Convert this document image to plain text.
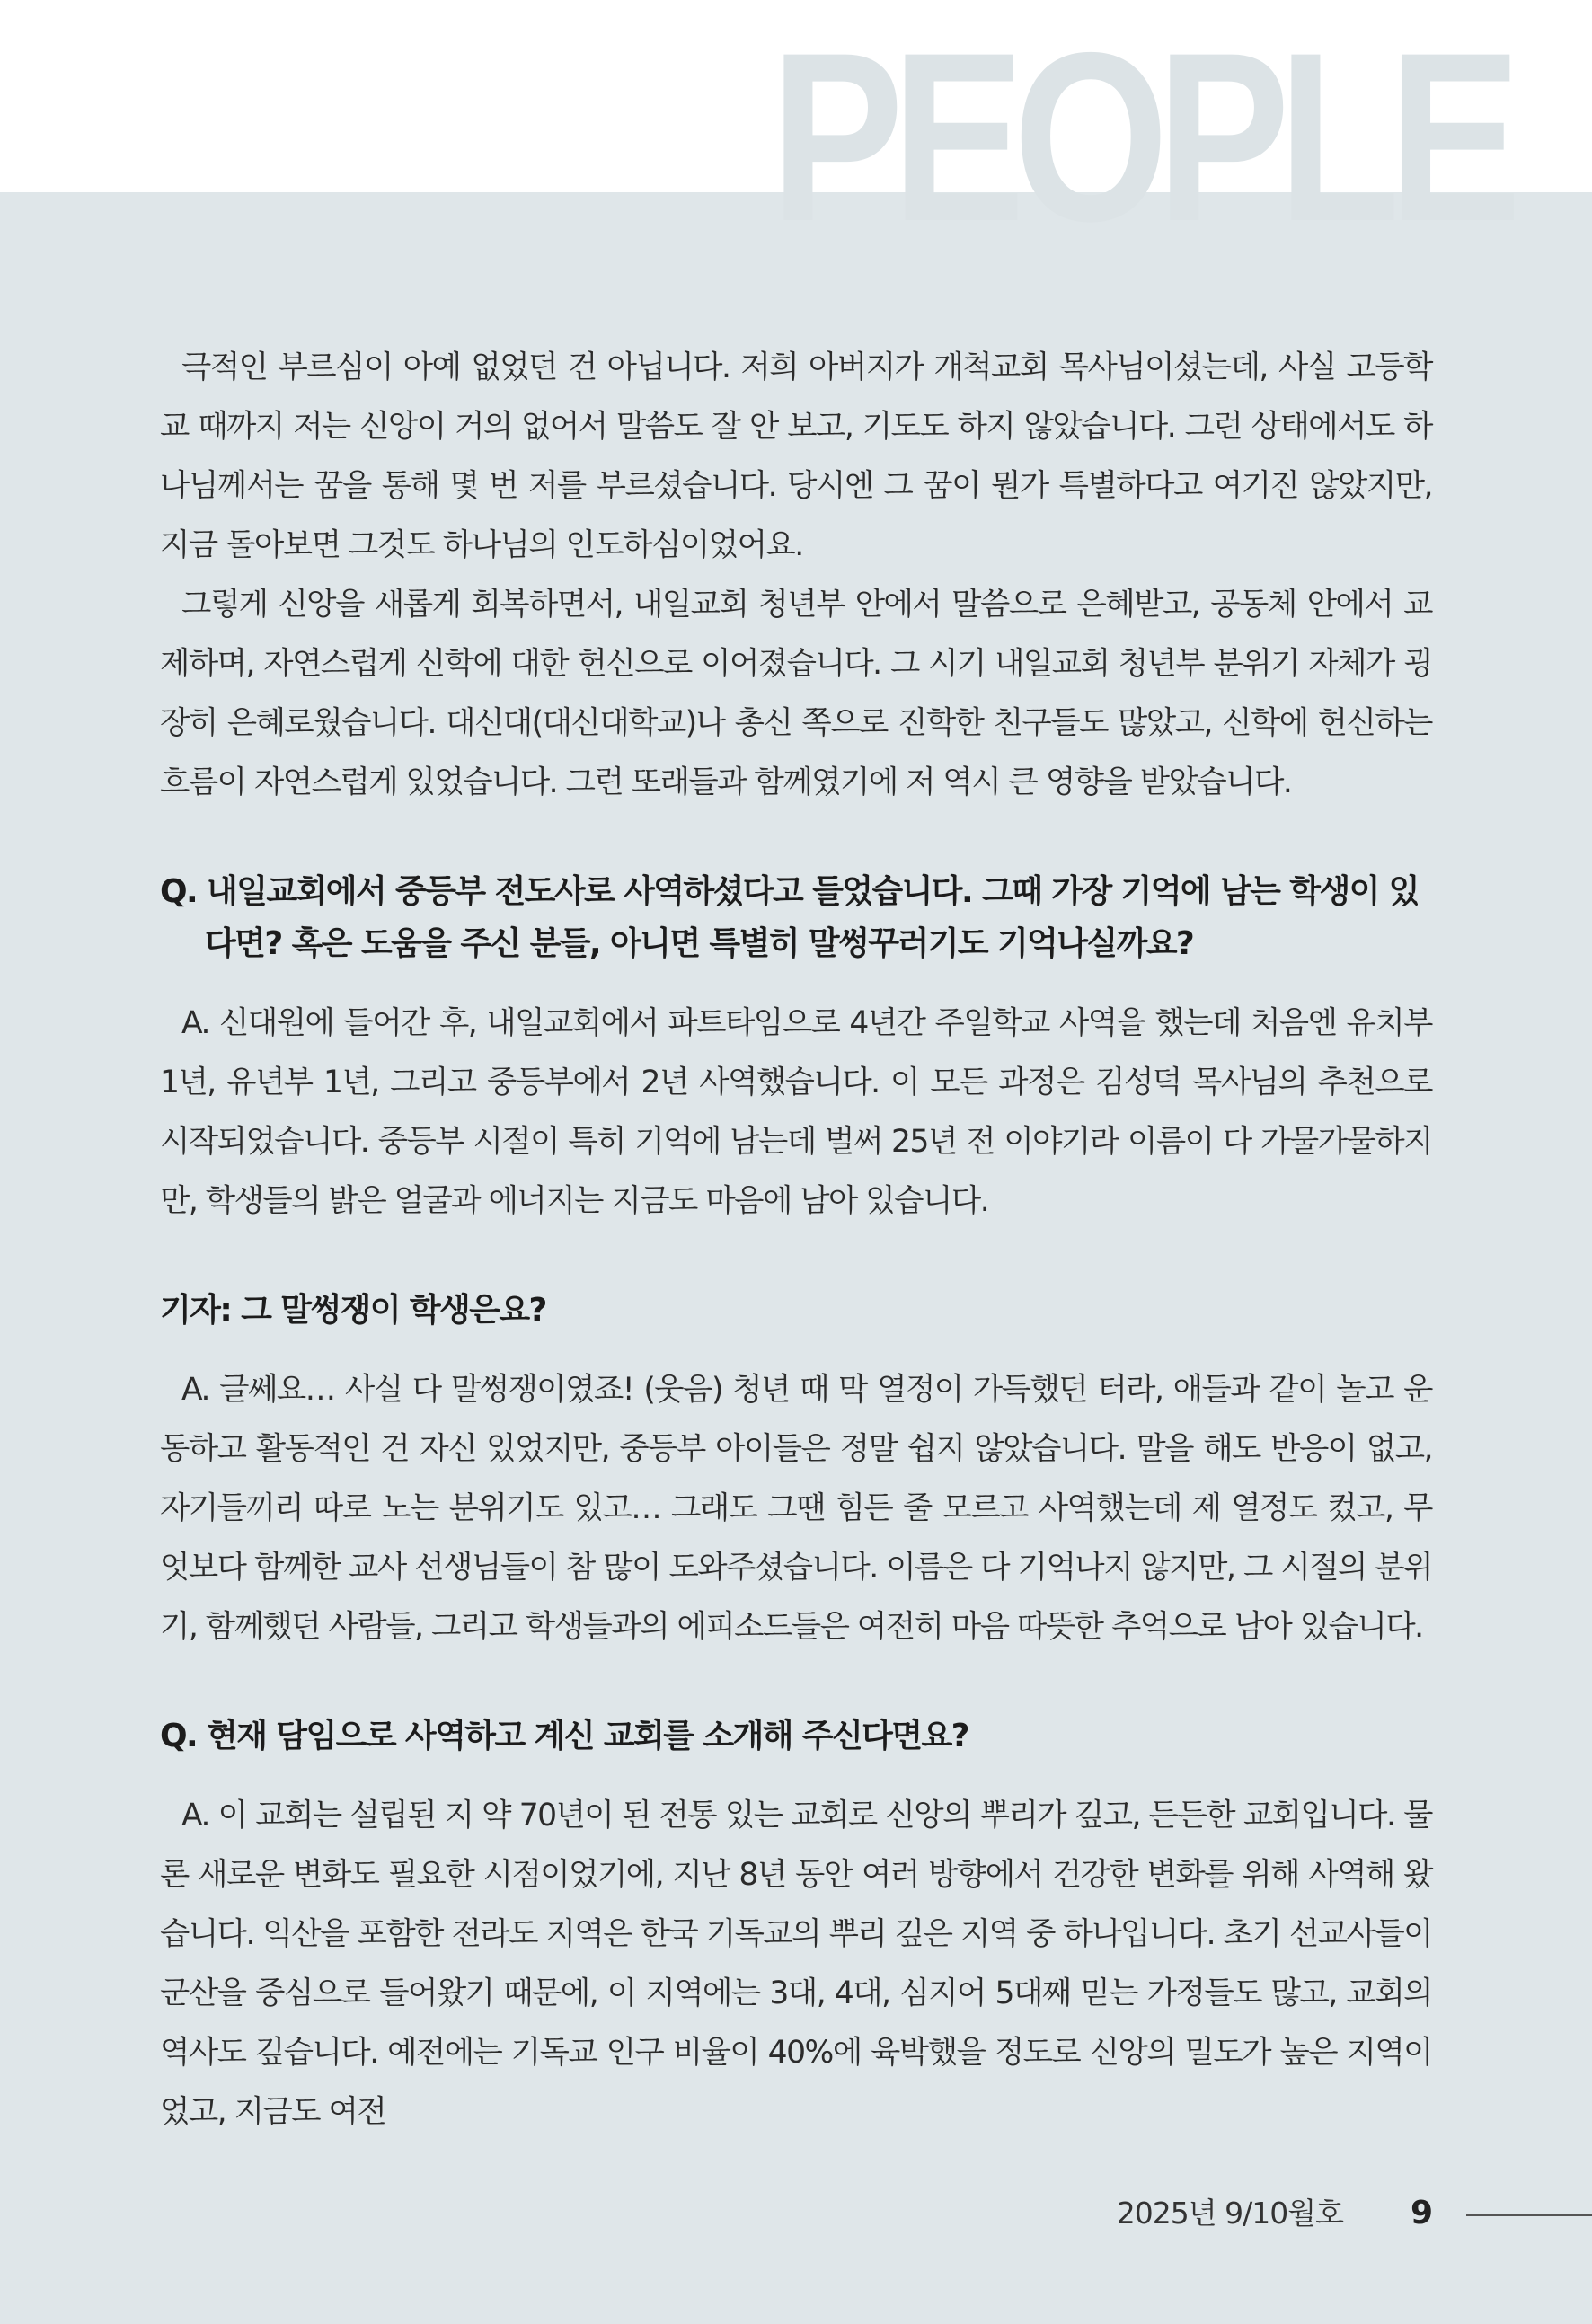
PEOPLE

극적인 부르심이 아예 없었던 건 아닙니다. 저희 아버지가 개척교회 목사님이셨는데, 사실 고등학교 때까지 저는 신앙이 거의 없어서 말씀도 잘 안 보고, 기도도 하지 않았습니다. 그런 상태에서도 하나님께서는 꿈을 통해 몇 번 저를 부르셨습니다. 당시엔 그 꿈이 뭔가 특별하다고 여기진 않았지만, 지금 돌아보면 그것도 하나님의 인도하심이었어요.

그렇게 신앙을 새롭게 회복하면서, 내일교회 청년부 안에서 말씀으로 은혜받고, 공동체 안에서 교제하며, 자연스럽게 신학에 대한 헌신으로 이어졌습니다. 그 시기 내일교회 청년부 분위기 자체가 굉장히 은혜로웠습니다. 대신대(대신대학교)나 총신 쪽으로 진학한 친구들도 많았고, 신학에 헌신하는 흐름이 자연스럽게 있었습니다. 그런 또래들과 함께였기에 저 역시 큰 영향을 받았습니다.

Q. 내일교회에서 중등부 전도사로 사역하셨다고 들었습니다. 그때 가장 기억에 남는 학생이 있다면? 혹은 도움을 주신 분들, 아니면 특별히 말썽꾸러기도 기억나실까요?

A. 신대원에 들어간 후, 내일교회에서 파트타임으로 4년간 주일학교 사역을 했는데 처음엔 유치부 1년, 유년부 1년, 그리고 중등부에서 2년 사역했습니다. 이 모든 과정은 김성덕 목사님의 추천으로 시작되었습니다. 중등부 시절이 특히 기억에 남는데 벌써 25년 전 이야기라 이름이 다 가물가물하지만, 학생들의 밝은 얼굴과 에너지는 지금도 마음에 남아 있습니다.

기자: 그 말썽쟁이 학생은요?

A. 글쎄요… 사실 다 말썽쟁이였죠! (웃음) 청년 때 막 열정이 가득했던 터라, 애들과 같이 놀고 운동하고 활동적인 건 자신 있었지만, 중등부 아이들은 정말 쉽지 않았습니다. 말을 해도 반응이 없고, 자기들끼리 따로 노는 분위기도 있고… 그래도 그땐 힘든 줄 모르고 사역했는데 제 열정도 컸고, 무엇보다 함께한 교사 선생님들이 참 많이 도와주셨습니다. 이름은 다 기억나지 않지만, 그 시절의 분위기, 함께했던 사람들, 그리고 학생들과의 에피소드들은 여전히 마음 따뜻한 추억으로 남아 있습니다.

Q. 현재 담임으로 사역하고 계신 교회를 소개해 주신다면요?

A. 이 교회는 설립된 지 약 70년이 된 전통 있는 교회로 신앙의 뿌리가 깊고, 든든한 교회입니다. 물론 새로운 변화도 필요한 시점이었기에, 지난 8년 동안 여러 방향에서 건강한 변화를 위해 사역해 왔습니다. 익산을 포함한 전라도 지역은 한국 기독교의 뿌리 깊은 지역 중 하나입니다. 초기 선교사들이 군산을 중심으로 들어왔기 때문에, 이 지역에는 3대, 4대, 심지어 5대째 믿는 가정들도 많고, 교회의 역사도 깊습니다. 예전에는 기독교 인구 비율이 40%에 육박했을 정도로 신앙의 밀도가 높은 지역이었고, 지금도 여전

2025년 9/10월호 9
